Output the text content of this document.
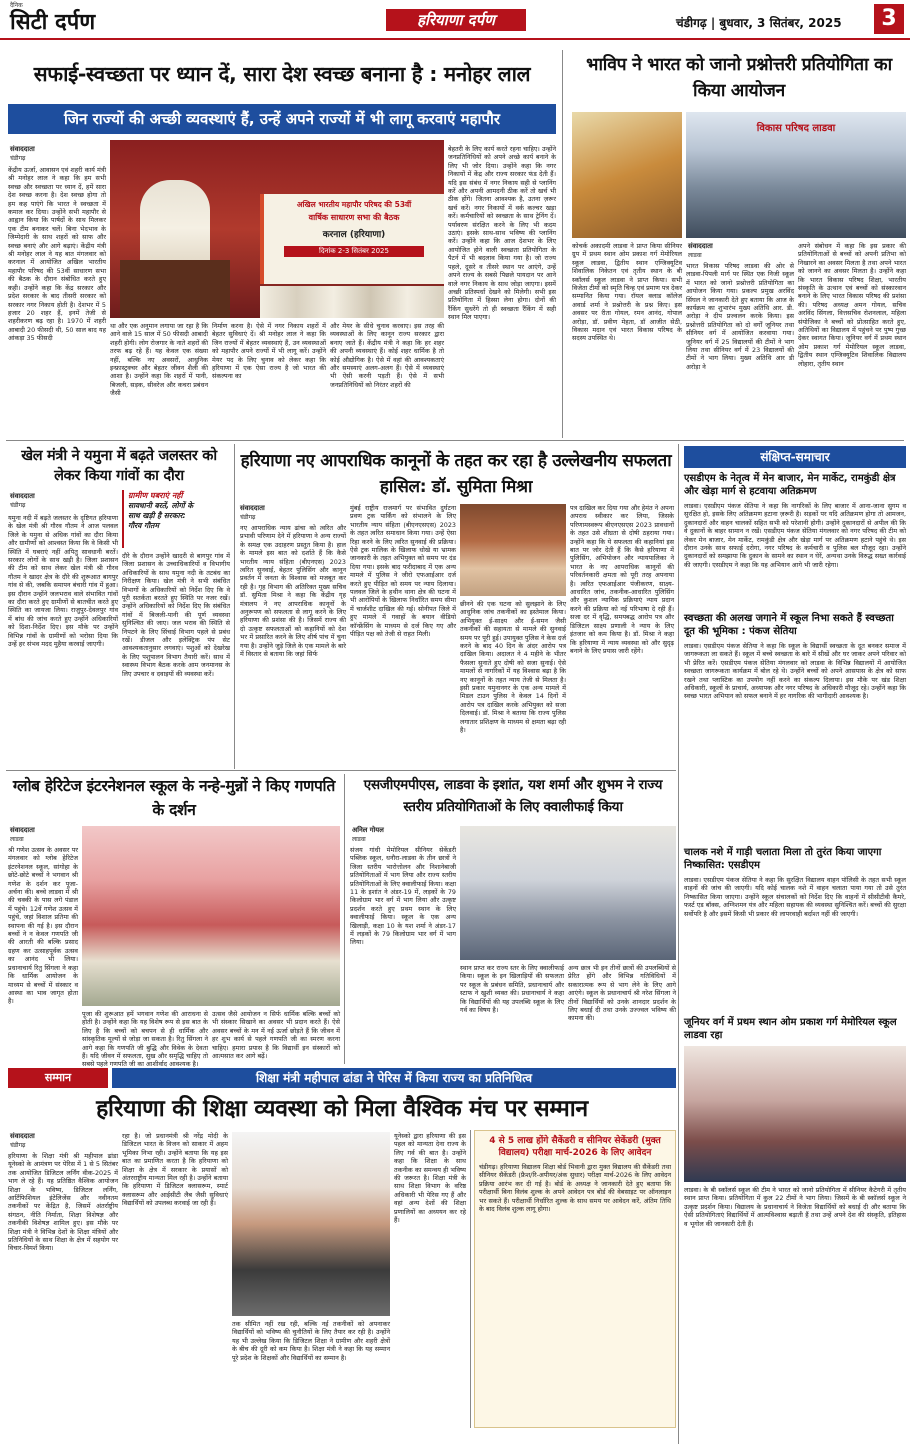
दैनिक
सिटी दर्पण	हरियाणा दर्पण	चंडीगढ़ | बुधवार, 3 सितंबर, 2025	3
सफाई-स्वच्छता पर ध्यान दें, सारा देश स्वच्छ बनाना है : मनोहर लाल
जिन राज्यों की अच्छी व्यवस्थाएं हैं, उन्हें अपने राज्यों में भी लागू करवाएं महापौर
संवाददाता
चंडीगढ़
केंद्रीय ऊर्जा, आवासन एवं शहरी कार्य मंत्री श्री मनोहर लाल ने कहा कि हम सभी स्वच्छ और स्वच्छता पर ध्यान दें, हमें सारा देश स्वच्छ करना है। देश स्वच्छ होगा तो हम कह पाएंगे कि भारत ने स्वच्छता में कमाल कर दिया। उन्होंने सभी महापौर से आह्वान किया कि पार्षदों के साथ मिलकर एक टीम बनाकर चलें। बिना भेदभाव के जिम्मेदारी के साथ शहरों को साफ और स्वच्छ बनाएं और आगे बढ़ाएं। केंद्रीय मंत्री श्री मनोहर लाल ने यह बात मंगलवार को करनाल में आयोजित अखिल भारतीय महापौर परिषद की 53वीं साधारण सभा की बैठक के दौरान संबोधित करते हुए कही। उन्होंने कहा कि केंद्र सरकार और प्रदेश सरकार के बाद तीसरी सरकार को सरकार नगर निकाय होती है। देशभर में 5 हजार 20 शहर हैं, इनमें तेजी से शहरीकरण बढ़ रहा है। 1970 में शहरी आबादी 20 फीसदी थी, 50 साल बाद यह आंकड़ा 35 फीसदी
अखिल भारतीय महापौर परिषद की 53वीं
वार्षिक साधारण सभा की बैठक
करनाल (हरियाणा)
दिनांक 2-3 सितंबर 2025
था और एक अनुमान लगाया जा रहा है कि आने वाले 15 साल में 50 फीसदी आबादी शहरी होगी। लोग रोजगार के नाते शहरों की तरफ बढ़ रहे हैं। यह केवल एक संख्या नहीं, बल्कि नए अवसरों, आधुनिक इन्फ्रास्ट्रक्चर और बेहतर जीवन शैली की आशा है। उन्होंने कहा कि शहरों में पानी, बिजली, सड़क, सीवरेज और कचरा प्रबंधन जैसी
निर्माण करना है। ऐसे में नगर निकाय शहरों में बेहतर सुविधाएं दें। श्री मनोहर लाल ने कहा कि जिन राज्यों में बेहतर व्यवस्थाएं हैं, उन व्यवस्थाओं को महापौर अपने राज्यों में भी लागू करें। उन्होंने मेयर पद के लिए चुनाव को लेकर कहा कि हरियाणा में एक ऐसा राज्य है जो भारत की संकल्पना का
और मेयर के सीधे चुनाव करवाए। इस तरह की व्यवस्थाओं के लिए कानून राज्य सरकार द्वारा बनाए जाते हैं। केंद्रीय मंत्री ने कहा कि हर शहर की अपनी व्यवस्थाएं हैं। कोई शहर धार्मिक है तो कोई औद्योगिक है। ऐसे में वहां की आवश्यकताएं और समस्याएं अलग-अलग हैं। ऐसे में व्यवस्थाएं भी ऐसी करनी पड़ती हैं। ऐसे में सभी जनप्रतिनिधियों को निरंतर शहरों की
बेहतरी के लिए कार्य करते रहना चाहिए। उन्होंने जनप्रतिनिधियों को अपने अच्छे कार्य बनाने के लिए भी जोर दिया। उन्होंने कहा कि नगर निकायों में केंद्र और राज्य सरकार फंड देती हैं। यदि इस संबंध में नगर निकाय सही से प्लानिंग करें और अपनी आमदनी ठीक करें तो खर्च भी ठीक होंगे। जितना आवश्यक है, उतना ज़रूर खर्च करें। नगर निकायों में वर्क कल्चर खड़ा करें। कर्मचारियों को स्वच्छता के साथ ट्रेनिंग दें। पर्यावरण संरक्षित करने के लिए भी कदम उठाएं। इसके साथ-साथ भविष्य की प्लानिंग करें। उन्होंने कहा कि आज देशभर के लिए आयोजित होने वाली स्वच्छता प्रतियोगिता के पैटर्न में भी बदलाव किया गया है। जो राज्य पहले, दूसरे व तीसरे स्थान पर आएंगे, उन्हें अपने राज्य के सबसे पिछले पायदान पर आने वाले नगर निकाय के साथ जोड़ा जाएगा। इसमें अच्छी प्रतिस्पर्धा देखने को मिलेगी। सभी इस प्रतियोगिता में हिस्सा लेना होगा। दोनों की रैंकिंग सुधरेंगे तो ही स्वच्छता रैंकिंग में सही स्थान मिल पाएगा।
भाविप ने भारत को जानो प्रश्नोत्तरी प्रतियोगिता का किया आयोजन
विकास परिषद लाडवा
संवाददाता
लाडवा
भारत विकास परिषद लाडवा की ओर से लाडवा-पिपली मार्ग पर स्थित एक निजी स्कूल में भारत को जानो प्रश्नोत्तरी प्रतियोगिता का आयोजन किया गया। प्रकल्प प्रमुख अरविंद सिंघल ने जानकारी देते हुए बताया कि आज के कार्यक्रम का शुभारंभ मुख्य अतिथि आर. डी. अरोड़ा ने दीप प्रज्वलन करके किया। इस प्रश्नोत्तरी प्रतियोगिता को दो वर्गों जूनियर तथा सीनियर वर्ग में आयोजित करवाया गया। जूनियर वर्ग में 25 विद्यालयों की टीमों ने भाग लिया तथा सीनियर वर्ग में 23 विद्यालयों की टीमों ने भाग लिया। मुख्य अतिथि आर डी अरोड़ा ने
अपने संबोधन में कहा कि इस प्रकार की प्रतियोगिताओं से बच्चों को अपनी प्रतिभा को निखारने का अवसर मिलता है तथा अपने भारत को जानने का अवसर मिलता है। उन्होंने कहा कि भारत विकास परिषद शिक्षा, भारतीय संस्कृति के उत्थान एवं बच्चों को संस्कारवान बनाने के लिए भारत विकास परिषद की प्रशंसा की। परिषद अध्यक्ष अमन गोयल, सचिव अरविंद सिंगला, वित्तसचिव रोशनलाल, महिला संयोजिका ने बच्चों को प्रोत्साहित करते हुए, अतिथियों का विद्यालय में पहुंचने पर पुष्प गुच्छ देकर स्वागत किया। जूनियर वर्ग में प्रथम स्थान ओम प्रकाश गर्ग मेमोरियल स्कूल लाडवा, द्वितीय स्थान एग्जिक्यूटिव शिवालिक विद्यालय लोहारा, तृतीय स्थान
कोचर्क अकादमी लाडवा ने प्राप्त किया सीनियर ग्रुप में प्रथम स्थान ओम प्रकाश गर्ग मेमोरियल स्कूल लाडवा, द्वितीय स्थान एग्जिक्यूटिव शिवालिक निकेतन एवं तृतीय स्थान के बी स्कॉलर्स स्कूल लाडवा ने प्राप्त किया। सभी विजेता टीमों को स्मृति चिन्ह एवं प्रमाण पत्र देकर सम्मानित किया गया। रॉयल क्लाड कॉलेज अवार्ड शर्मा ने प्रश्नोत्तरी के प्रश्न किए। इस अवसर पर रीता गोयल, रमन आनंद, गोपाल अरोड़ा, डॉ. प्रवीण मेहता, डॉ आजीत सेठी, विकास मदान एवं भारत विकास परिषद के सदस्य उपस्थित थे।
खेल मंत्री ने यमुना में बढ़ते जलस्तर को लेकर किया गांवों का दौरा
संवाददाता
चंडीगढ़
ग्रामीण घबराएं नहीं
सावधानी बरतें, लोगों के
साथ खड़ी है सरकार:
गौरव गौतम
यमुना नदी में बढ़ते जलस्तर के दृष्टिगत हरियाणा के खेल मंत्री श्री गौरव गौतम ने आज पलवल जिले के यमुना से अधिक गांवों का दौरा किया और ग्रामीणों को आश्वस्त किया कि वे किसी भी स्थिति में घबराएं नहीं अपितु सावधानी बरतें। सरकार लोगों के साथ खड़ी है। जिला प्रशासन की टीम को साथ लेकर खेल मंत्री श्री गौरव गौतम ने खादर क्षेत्र के दौरे की शुरूआत बागपुर गांव से की, जबकि समापन बंचारी गांव में हुआ। इस दौरान उन्होंने जलभराव वाले संभावित गांवों का दौरा करते हुए ग्रामीणों से बातचीत करते हुए स्थिति का जायजा लिया। राजुपुर-देवलपुर गांव में बांध की जांच करते हुए उन्होंने अधिकारियों को दिशा-निर्देश दिए। इस मौके पर उन्होंने विभिन्न गांवों के ग्रामीणों को भरोसा दिया कि उन्हें हर संभव मदद मुहैया करवाई जाएगी।
दौरे के दौरान उन्होंने खादरी से बागपुर गांव में जिला प्रशासन के उच्चाधिकारियों व विभागीय अधिकारियों के साथ यमुना नदी के तटबंध का निरीक्षण किया। खेल मंत्री ने सभी संबंधित विभागों के अधिकारियों को निर्देश दिए कि वे पूरी सतर्कता बरतते हुए स्थिति पर नजर रखें। उन्होंने अधिकारियों को निर्देश दिए कि संबंधित गांवों में बिजली-पानी की पूर्ण व्यवस्था सुनिश्चित की जाए। जल भराव की स्थिति से निपटने के लिए सिंचाई विभाग पहले से प्रबंध रखें। डीजल और इलेक्ट्रिक पंप सेट आवश्यकतानुसार लगवाएं। पशुओं को देखरेख के लिए पशुपालन विभाग तैयारी करें। साथ में स्वास्थ्य विभाग बैठक करके आम जनमानस के लिए उपचार व दवाइयों की व्यवस्था करें।
हरियाणा नए आपराधिक कानूनों के तहत कर रहा है उल्लेखनीय सफलता हासिल: डॉ. सुमिता मिश्रा
संवाददाता
चंडीगढ़
नए आपराधिक न्याय ढांचा को त्वरित और प्रभावी परिणाम देने में हरियाणा ने अन्य राज्यों के समक्ष एक उदाहरण प्रस्तुत किया है। हाल के मामले इस बात को दर्शाते हैं कि कैसे भारतीय न्याय संहिता (बीएनएस) 2023 त्वरित सुनवाई, बेहतर पुलिसिंग और कानून प्रवर्तन में जनता के विश्वास को मजबूत कर रही है। गृह विभाग की अतिरिक्त मुख्य सचिव डॉ. सुमिता मिश्रा ने कहा कि केंद्रीय गृह मंत्रालय ने नए आपराधिक कानूनों के अनुरूपण को सफलता से लागू करने के लिए हरियाणा की प्रशंसा की है। जिसमें राज्य की दो उत्कृष्ट सफलताओं को कहानियों को देश भर में प्रसारित करने के लिए शीर्ष पांच में चुना गया है। उन्होंने जुड़े जिले के एक मामले के बारे में विस्तार से बताया कि जहां सिर्फ
मुंबई राष्ट्रीय राजमार्ग पर संभावित दुर्घटना प्रवण ट्रक पार्किंग को संभालने के लिए भारतीय न्याय संहिता (बीएनएसएस) 2023 के तहत त्वरित समाधान किया गया। उन्हें ऐसा रिहा करने के लिए त्वरित सुनवाई की प्रक्रिया। ऐसे ट्रक मालिक के खिलाफ धोखे या भ्रामक जानकारी के तहत अभियुक्त को समय पर दंड दिया गया। इसके बाद फरीदाबाद में एक अन्य मामले में पुलिस ने जीरो एफआईआर दर्ज करते हुए पीड़ित को समय पर न्याय दिलाया। पलवल जिले के हथीन थाना क्षेत्र की घटना में भी आरोपियों के खिलाफ निर्धारित समय सीमा में चार्जशीट दाखिल की गई। सोनीपत जिले में हुए मामले में गवाहों के बयान वीडियो कॉन्फ्रेंसिंग के माध्यम से दर्ज किए गए और पीड़ित पक्ष को तेजी से राहत मिली।
छीनने की एक घटना को सुलझाने के लिए आधुनिक जांच तकनीकों का इस्तेमाल किया। अभियुक्त ई-साक्ष्य और ई-समन जैसी तकनीकों की सहायता से मामले की सुनवाई समय पर पूरी हुई। उपायुक्त पुलिस ने केस दर्ज करने के बाद 40 दिन के अंदर आरोप पत्र दाखिल किया। अदालत ने 4 महीने के भीतर फैसला सुनाते हुए दोषी को सजा सुनाई। ऐसे मामलों से नागरिकों में यह विश्वास बढ़ा है कि नए कानूनों के तहत न्याय तेजी से मिलता है। इसी प्रकार यमुनानगर के एक अन्य मामले में मिडल टाउन पुलिस ने केवल 14 दिनों में आरोप पत्र दाखिल करके अभियुक्त को सजा दिलवाई। डॉ. मिश्रा ने बताया कि राज्य पुलिस लगातार प्रशिक्षण के माध्यम से क्षमता बढ़ा रही है।
पत्र दाखिल कर दिया गया और हेमंत ने अपना अपराध स्वीकार कर लिया, जिसके परिणामस्वरूप बीएनएसएस 2023 प्रावधानों के तहत उसे शीघ्रता से दोषी ठहराया गया। उन्होंने कहा कि ये सफलता की कहानियां इस बात पर जोर देती हैं कि कैसे हरियाणा में पुलिसिंग, अभियोजन और न्यायपालिका ने भारत के नए आपराधिक कानूनों की परिवर्तनकारी क्षमता को पूरी तरह अपनाया है। त्वरित एफआईआर पंजीकरण, साक्ष्य-आधारित जांच, तकनीक-आधारित पुलिसिंग और कुशल न्यायिक प्रक्रियाएं न्याय प्रदान करने की प्रक्रिया को नई परिभाषा दे रही हैं। सजा दर में वृद्धि, समयबद्ध आरोप पत्र और डिजिटल साक्ष्य प्रणाली ने न्याय के लिए इंतजार को कम किया है। डॉ. मिश्रा ने कहा कि हरियाणा में न्याय व्यवस्था को और सुदृढ़ बनाने के लिए प्रयास जारी रहेंगे।
संक्षिप्त-समाचार
एसडीएम के नेतृत्व में मेन बाजार, मेन मार्केट, रामकुंडी क्षेत्र और खेड़ा मार्ग से हटवाया अतिक्रमण
लाडवा। एसडीएम पंकज सेतिया ने कहा कि नागरिकों के लिए बाजार में आना-जाना सुगम व सुरक्षित हो, इसके लिए अतिक्रमण हटाना ज़रूरी है। सड़कों पर यदि अतिक्रमण होगा तो आमजन, दुकानदारों और वाहन चालकों सहित सभी को परेशानी होगी। उन्होंने दुकानदारों से अपील की कि वे दुकानों के बाहर सामान न रखें। एसडीएम पंकज सेतिया मंगलवार को नगर परिषद की टीम को लेकर मेन बाजार, मेन मार्केट, रामकुंडी क्षेत्र और खेड़ा मार्ग पर अतिक्रमण हटाने पहुंचे थे। इस दौरान उनके साथ सफाई दरोगा, नगर परिषद के कर्मचारी व पुलिस बल मौजूद रहा। उन्होंने दुकानदारों को समझाया कि दुकान के सामने का स्थान न घेरें, अन्यथा उनके विरुद्ध सख्त कार्रवाई की जाएगी। एसडीएम ने कहा कि यह अभियान आगे भी जारी रहेगा।
स्वच्छता की अलख जगाने में स्कूल निभा सकते हैं स्वच्छता दूत की भूमिका : पंकज सेतिया
लाडवा। एसडीएम पंकज सेतिया ने कहा कि स्कूल के विद्यार्थी स्वच्छता के दूत बनकर समाज में जागरूकता ला सकते हैं। स्कूल में बच्चे स्वच्छता के बारे में सीखें और घर जाकर अपने परिवार को भी प्रेरित करें। एसडीएम पंकज सेतिया मंगलवार को लाडवा के विभिन्न विद्यालयों में आयोजित स्वच्छता जागरूकता कार्यक्रम में बोल रहे थे। उन्होंने बच्चों को अपने आसपास के क्षेत्र को साफ रखने तथा प्लास्टिक का उपयोग नहीं करने का संकल्प दिलाया। इस मौके पर खंड शिक्षा अधिकारी, स्कूलों के प्राचार्य, अध्यापक और नगर परिषद के अधिकारी मौजूद रहे। उन्होंने कहा कि स्वच्छ भारत अभियान को सफल बनाने में हर नागरिक की भागीदारी आवश्यक है।
चालक नशे में गाड़ी चलाता मिला तो तुरंत किया जाएगा निष्कासित: एसडीएम
लाडवा। एसडीएम पंकज सेतिया ने कहा कि सुरक्षित विद्यालय वाहन पॉलिसी के तहत सभी स्कूल वाहनों की जांच की जाएगी। यदि कोई चालक नशे में वाहन चलाता पाया गया तो उसे तुरंत निष्कासित किया जाएगा। उन्होंने स्कूल संचालकों को निर्देश दिए कि वाहनों में सीसीटीवी कैमरे, फर्स्ट एड बॉक्स, अग्निशमन यंत्र और महिला सहायक की व्यवस्था सुनिश्चित करें। बच्चों की सुरक्षा सर्वोपरि है और इसमें किसी भी प्रकार की लापरवाही बर्दाश्त नहीं की जाएगी।
जूनियर वर्ग में प्रथम स्थान ओम प्रकाश गर्ग मेमोरियल स्कूल लाडवा रहा
लाडवा। के बी स्कॉलर्स स्कूल की टीम ने भारत को जानो प्रतियोगिता में सीनियर कैटेगरी में तृतीय स्थान प्राप्त किया। प्रतियोगिता में कुल 22 टीमों ने भाग लिया। जिसमें के बी स्कॉलर्स स्कूल ने उत्कृष्ट प्रदर्शन किया। विद्यालय के प्रधानाचार्य ने विजेता विद्यार्थियों को बधाई दी और बताया कि ऐसी प्रतियोगिताएं विद्यार्थियों में आत्मविश्वास बढ़ाती हैं तथा उन्हें अपने देश की संस्कृति, इतिहास व भूगोल की जानकारी देती हैं।
ग्लोब हेरिटेज इंटरनेशनल स्कूल के नन्हे-मुन्नों ने किए गणपति के दर्शन
संवाददाता
लाडवा
श्री गणेश उत्सव के अवसर पर मंगलवार को ग्लोब हेरिटेज इंटरनेशनल स्कूल, सांगोहा के छोटे-छोटे बच्चों ने भगवान श्री गणेश के दर्शन कर पूजा-अर्चना की। बच्चे लाडवा में श्री की चक्की के पास लगे पंडाल में पहुंचे। 12वें गणेश उत्सव में पहुंचे, जहां विशाल प्रतिमा की स्थापना की गई है। इस दौरान बच्चों ने न केवल गणपति जी की आरती की बल्कि प्रसाद ग्रहण कर उत्साहपूर्वक उत्सव का आनंद भी लिया। प्रधानाचार्य रितु सिंगला ने कहा कि धार्मिक आयोजन के माध्यम से बच्चों में संस्कार व आस्था का भाव जागृत होता है।
पूजा की शुरूआत हमें भगवान गणेश की आराधना से होती है। उन्होंने कहा कि यह विशेष रूप से इस बात के लिए है कि बच्चों को बचपन से ही धार्मिक और सांस्कृतिक मूल्यों से जोड़ा जा सकता है। रितु सिंगला ने आगे कहा कि गणपति जी बुद्धि और विवेक के देवता हैं। यदि जीवन में सफलता, सुख और समृद्धि चाहिए तो सबसे पहले गणपति जी का आशीर्वाद आवश्यक है।
उत्सव जैसे आयोजन न सिर्फ धार्मिक बल्कि बच्चों को भी संस्कार सिखाने का अवसर भी प्रदान करते हैं। ऐसे अवसर बच्चों के मन में नई ऊर्जा छोड़ते हैं कि जीवन में हर शुभ कार्य से पहले गणपति जी का स्मरण करना चाहिए। हमारा प्रयास है कि विद्यार्थी इन संस्कारों को आत्मसात कर आगे बढ़ें।
एसजीएमपीएस, लाडवा के इशांत, यश शर्मा और शुभम ने राज्य स्तरीय प्रतियोगिताओं के लिए क्वालीफाई किया
अनिल गोयल
लाडवा
संजय गांधी मेमोरियल सीनियर सेकेंडरी पब्लिक स्कूल, धनौरा-लाडवा के तीन छात्रों ने जिला स्तरीय भारोत्तोलन और निशानेबाजी प्रतियोगिताओं में भाग लिया और राज्य स्तरीय प्रतियोगिताओं के लिए क्वालीफाई किया। कक्षा 11 के इशांत ने अंडर-19 में, लड़कों के 79 किलोग्राम भार वर्ग में भाग लिया और उत्कृष्ट प्रदर्शन करते हुए प्रथम स्थान के लिए क्वालीफाई किया। स्कूल के एक अन्य खिलाड़ी, कक्षा 10 के यश शर्मा ने अंडर-17 में लड़कों के 79 किलोग्राम भार वर्ग में भाग लिया।
स्थान प्राप्त कर राज्य स्तर के लिए क्वालीफाई किया। स्कूल के इन खिलाड़ियों की सफलता पर स्कूल के प्रबंधन समिति, प्रधानाचार्य और स्टाफ ने खुशी व्यक्त की। प्रधानाचार्य ने कहा कि विद्यार्थियों की यह उपलब्धि स्कूल के लिए गर्व का विषय है।
अन्य छात्र भी इन तीनों छात्रों की उपलब्धियों से प्रेरित होंगे और विभिन्न गतिविधियों में सकारात्मक रूप से भाग लेने के लिए आगे आएंगे। स्कूल के प्रधानाचार्य श्री नरेश सिंगला ने तीनों विद्यार्थियों को उनके शानदार प्रदर्शन के लिए बधाई दी तथा उनके उज्ज्वल भविष्य की कामना की।
सम्मान	शिक्षा मंत्री महीपाल ढांडा ने पेरिस में किया राज्य का प्रतिनिधित्व
हरियाणा की शिक्षा व्यवस्था को मिला वैश्विक मंच पर सम्मान
संवाददाता
चंडीगढ़
हरियाणा के शिक्षा मंत्री श्री महीपाल ढांडा यूनेस्को के आमंत्रण पर पेरिस में 1 से 5 सितंबर तक आयोजित डिजिटल लर्निंग वीक-2025 में भाग ले रहे हैं। यह प्रतिष्ठित वैश्विक आयोजन शिक्षा के भविष्य, डिजिटल लर्निंग, आर्टिफिशियल इंटेलिजेंस और नवीनतम तकनीकों पर केंद्रित है, जिसमें अंतर्राष्ट्रीय संगठन, नीति निर्माता, शिक्षा विशेषज्ञ और तकनीकी विशेषज्ञ शामिल हुए। इस मौके पर शिक्षा मंत्री ने विभिन्न देशों के शिक्षा मंत्रियों और प्रतिनिधियों के साथ शिक्षा के क्षेत्र में सहयोग पर विचार-विमर्श किया।
रहा है। जो प्रधानमंत्री श्री नरेंद्र मोदी के डिजिटल भारत के विजन को साकार में अहम भूमिका निभा रही। उन्होंने बताया कि यह इस बात का प्रमाणित करता है कि हरियाणा को शिक्षा के क्षेत्र में सरकार के प्रयासों को अंतरराष्ट्रीय मान्यता मिल रही है। उन्होंने बताया कि हरियाणा में डिजिटल क्लासरूम, स्मार्ट क्लासरूम और आईसीटी लैब जैसी सुविधाएं विद्यार्थियों को उपलब्ध करवाई जा रही हैं।
तक सीमित नहीं रख रही, बल्कि नई तकनीकों को अपनाकर विद्यार्थियों को भविष्य की चुनौतियों के लिए तैयार कर रही है। उन्होंने यह भी उल्लेख किया कि डिजिटल शिक्षा ने ग्रामीण और शहरी क्षेत्रों के बीच की दूरी को कम किया है। शिक्षा मंत्री ने कहा कि यह सम्मान पूरे प्रदेश के शिक्षकों और विद्यार्थियों का सम्मान है।
यूनेस्को द्वारा हरियाणा की इस पहल को मान्यता देना राज्य के लिए गर्व की बात है। उन्होंने कहा कि शिक्षा के साथ तकनीक का समन्वय ही भविष्य की जरूरत है। शिक्षा मंत्री के साथ शिक्षा विभाग के वरिष्ठ अधिकारी भी पेरिस गए हैं और वहां अन्य देशों की शिक्षा प्रणालियों का अध्ययन कर रहे हैं।
4 से 5 लाख होंगे सैकेंडरी व सीनियर सेकेंडरी (मुक्त विद्यालय) परीक्षा मार्च-2026 के लिए आवेदन
चंडीगढ़। हरियाणा विद्यालय शिक्षा बोर्ड भिवानी द्वारा मुक्त विद्यालय की सैकेंडरी तथा सीनियर सैकेंडरी (फ्रैश/रि-अपीयर/अंक सुधार) परीक्षा मार्च-2026 के लिए आवेदन प्रक्रिया आरंभ कर दी गई है। बोर्ड के अध्यक्ष ने जानकारी देते हुए बताया कि परीक्षार्थी बिना विलंब शुल्क के अपने आवेदन पत्र बोर्ड की वेबसाइट पर ऑनलाइन भर सकते हैं। परीक्षार्थी निर्धारित शुल्क के साथ समय पर आवेदन करें, अंतिम तिथि के बाद विलंब शुल्क लागू होगा।
